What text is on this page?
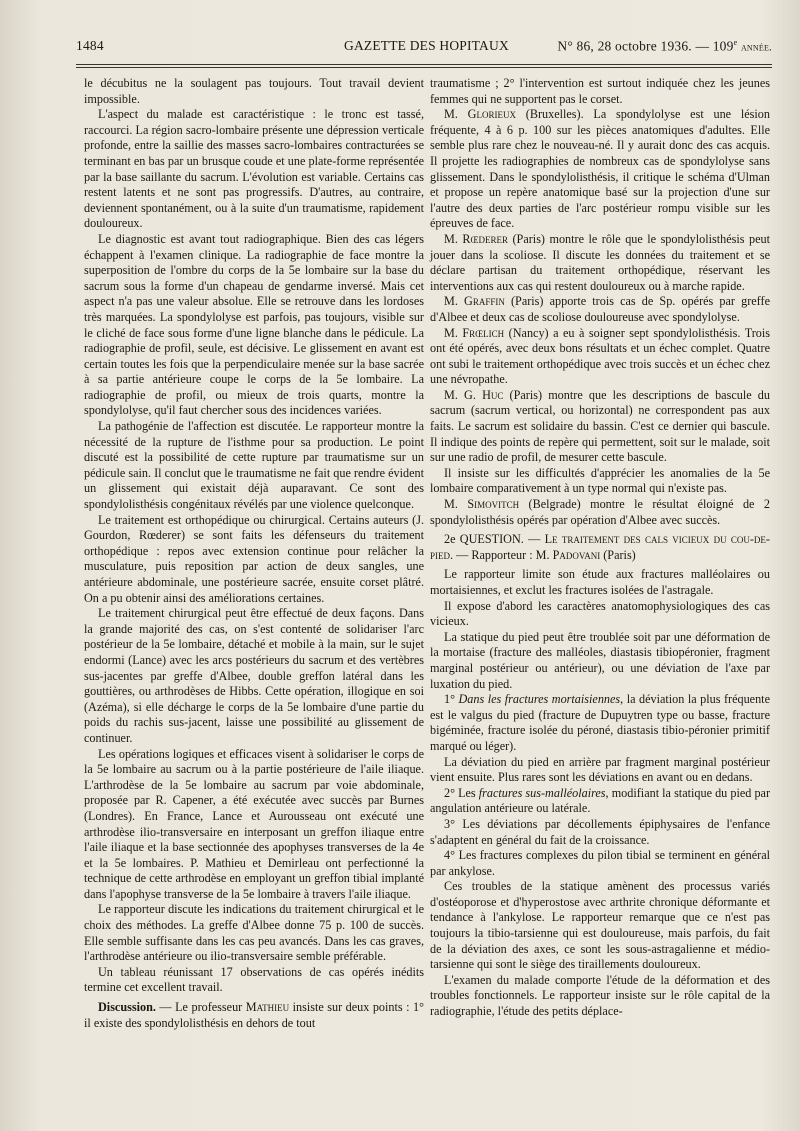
1484	GAZETTE DES HOPITAUX	N° 86, 28 octobre 1936. — 109e année.

le décubitus ne la soulagent pas toujours. Tout travail devient impossible.

L'aspect du malade est caractéristique : le tronc est tassé, raccourci. La région sacro-lombaire présente une dépression verticale profonde, entre la saillie des masses sacro-lombaires contracturées se terminant en bas par un brusque coude et une plate-forme représentée par la base saillante du sacrum. L'évolution est variable. Certains cas restent latents et ne sont pas progressifs. D'autres, au contraire, deviennent spontanément, ou à la suite d'un traumatisme, rapidement douloureux.

Le diagnostic est avant tout radiographique. Bien des cas légers échappent à l'examen clinique. La radiographie de face montre la superposition de l'ombre du corps de la 5e lombaire sur la base du sacrum sous la forme d'un chapeau de gendarme inversé. Mais cet aspect n'a pas une valeur absolue. Elle se retrouve dans les lordoses très marquées. La spondylolyse est parfois, pas toujours, visible sur le cliché de face sous forme d'une ligne blanche dans le pédicule. La radiographie de profil, seule, est décisive. Le glissement en avant est certain toutes les fois que la perpendiculaire menée sur la base sacrée à sa partie antérieure coupe le corps de la 5e lombaire. La radiographie de profil, ou mieux de trois quarts, montre la spondylolyse, qu'il faut chercher sous des incidences variées.

La pathogénie de l'affection est discutée. Le rapporteur montre la nécessité de la rupture de l'isthme pour sa production. Le point discuté est la possibilité de cette rupture par traumatisme sur un pédicule sain. Il conclut que le traumatisme ne fait que rendre évident un glissement qui existait déjà auparavant. Ce sont des spondylolisthésis congénitaux révélés par une violence quelconque.

Le traitement est orthopédique ou chirurgical. Certains auteurs (J. Gourdon, Rœderer) se sont faits les défenseurs du traitement orthopédique : repos avec extension continue pour relâcher la musculature, puis reposition par action de deux sangles, une antérieure abdominale, une postérieure sacrée, ensuite corset plâtré. On a pu obtenir ainsi des améliorations certaines.

Le traitement chirurgical peut être effectué de deux façons. Dans la grande majorité des cas, on s'est contenté de solidariser l'arc postérieur de la 5e lombaire, détaché et mobile à la main, sur le sujet endormi (Lance) avec les arcs postérieurs du sacrum et des vertèbres sus-jacentes par greffe d'Albee, double greffon latéral dans les gouttières, ou arthrodèses de Hibbs. Cette opération, illogique en soi (Azéma), si elle décharge le corps de la 5e lombaire d'une partie du poids du rachis sus-jacent, laisse une possibilité au glissement de continuer.

Les opérations logiques et efficaces visent à solidariser le corps de la 5e lombaire au sacrum ou à la partie postérieure de l'aile iliaque. L'arthrodèse de la 5e lombaire au sacrum par voie abdominale, proposée par R. Capener, a été exécutée avec succès par Burnes (Londres). En France, Lance et Aurousseau ont exécuté une arthrodèse ilio-transversaire en interposant un greffon iliaque entre l'aile iliaque et la base sectionnée des apophyses transverses de la 4e et la 5e lombaires. P. Mathieu et Demirleau ont perfectionné la technique de cette arthrodèse en employant un greffon tibial implanté dans l'apophyse transverse de la 5e lombaire à travers l'aile iliaque.

Le rapporteur discute les indications du traitement chirurgical et le choix des méthodes. La greffe d'Albee donne 75 p. 100 de succès. Elle semble suffisante dans les cas peu avancés. Dans les cas graves, l'arthrodèse antérieure ou ilio-transversaire semble préférable.

Un tableau réunissant 17 observations de cas opérés inédits termine cet excellent travail.

Discussion. — Le professeur Mathieu insiste sur deux points : 1° il existe des spondylolisthésis en dehors de tout

traumatisme ; 2° l'intervention est surtout indiquée chez les jeunes femmes qui ne supportent pas le corset.

M. Glorieux (Bruxelles). La spondylolyse est une lésion fréquente, 4 à 6 p. 100 sur les pièces anatomiques d'adultes. Elle semble plus rare chez le nouveau-né. Il y aurait donc des cas acquis. Il projette les radiographies de nombreux cas de spondylolyse sans glissement. Dans le spondylolisthésis, il critique le schéma d'Ulman et propose un repère anatomique basé sur la projection d'une sur l'autre des deux parties de l'arc postérieur rompu visible sur les épreuves de face.

M. Rœderer (Paris) montre le rôle que le spondylolisthésis peut jouer dans la scoliose. Il discute les données du traitement et se déclare partisan du traitement orthopédique, réservant les interventions aux cas qui restent douloureux ou à marche rapide.

M. Graffin (Paris) apporte trois cas de Sp. opérés par greffe d'Albee et deux cas de scoliose douloureuse avec spondylolyse.

M. Frœlich (Nancy) a eu à soigner sept spondylolisthésis. Trois ont été opérés, avec deux bons résultats et un échec complet. Quatre ont subi le traitement orthopédique avec trois succès et un échec chez une névropathe.

M. G. Huc (Paris) montre que les descriptions de bascule du sacrum (sacrum vertical, ou horizontal) ne correspondent pas aux faits. Le sacrum est solidaire du bassin. C'est ce dernier qui bascule. Il indique des points de repère qui permettent, soit sur le malade, soit sur une radio de profil, de mesurer cette bascule.

Il insiste sur les difficultés d'apprécier les anomalies de la 5e lombaire comparativement à un type normal qui n'existe pas.

M. Simovitch (Belgrade) montre le résultat éloigné de 2 spondylolisthésis opérés par opération d'Albee avec succès.

2e QUESTION. — Le traitement des cals vicieux du cou-de-pied. — Rapporteur : M. Padovani (Paris)

Le rapporteur limite son étude aux fractures malléolaires ou mortaisiennes, et exclut les fractures isolées de l'astragale.

Il expose d'abord les caractères anatomophysiologiques des cas vicieux.

La statique du pied peut être troublée soit par une déformation de la mortaise (fracture des malléoles, diastasis tibiopéronier, fragment marginal postérieur ou antérieur), ou une déviation de l'axe par luxation du pied.

1° Dans les fractures mortaisiennes, la déviation la plus fréquente est le valgus du pied (fracture de Dupuytren type ou basse, fracture bigéminée, fracture isolée du péroné, diastasis tibio-péronier primitif marqué ou léger).

La déviation du pied en arrière par fragment marginal postérieur vient ensuite. Plus rares sont les déviations en avant ou en dedans.

2° Les fractures sus-malléolaires, modifiant la statique du pied par angulation antérieure ou latérale.

3° Les déviations par décollements épiphysaires de l'enfance s'adaptent en général du fait de la croissance.

4° Les fractures complexes du pilon tibial se terminent en général par ankylose.

Ces troubles de la statique amènent des processus variés d'ostéoporose et d'hyperostose avec arthrite chronique déformante et tendance à l'ankylose. Le rapporteur remarque que ce n'est pas toujours la tibio-tarsienne qui est douloureuse, mais parfois, du fait de la déviation des axes, ce sont les sous-astragalienne et médio-tarsienne qui sont le siège des tiraillements douloureux.

L'examen du malade comporte l'étude de la déformation et des troubles fonctionnels. Le rapporteur insiste sur le rôle capital de la radiographie, l'étude des petits déplace-
